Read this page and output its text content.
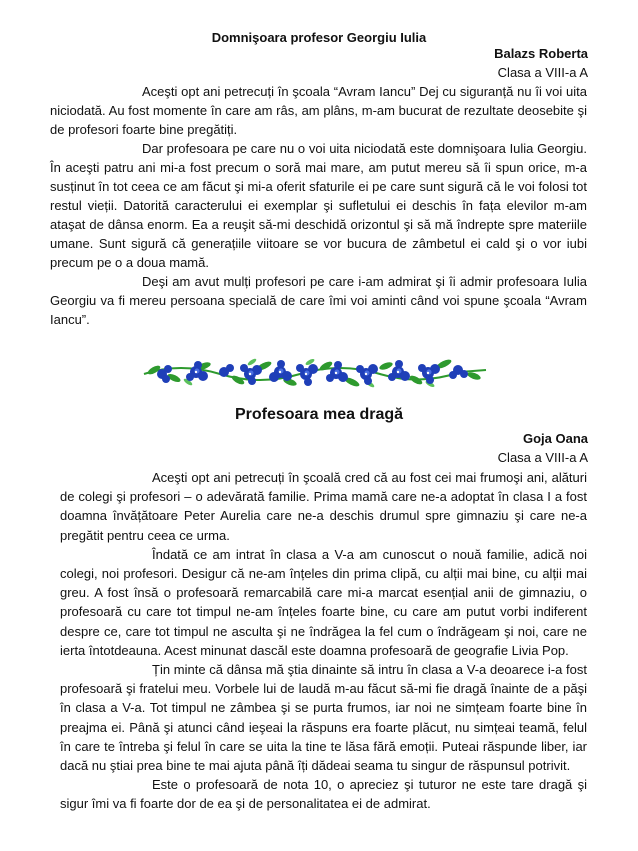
Domnişoara profesor Georgiu Iulia
Balazs Roberta
Clasa a VIII-a A

Aceşti opt ani petrecuți în şcoala “Avram Iancu” Dej cu siguranță nu îi voi uita niciodată. Au fost momente în care am râs, am plâns, m-am bucurat de rezultate deosebite şi de profesori foarte bine pregătiți.

Dar profesoara pe care nu o voi uita niciodată este domnişoara Iulia Georgiu. În aceşti patru ani mi-a fost precum o soră mai mare, am putut mereu să îi spun orice, m-a susținut în tot ceea ce am făcut şi mi-a oferit sfaturile ei pe care sunt sigură că le voi folosi tot restul vieții. Datorită caracterului ei exemplar şi sufletului ei deschis în fața elevilor m-am ataşat de dânsa enorm. Ea a reuşit să-mi deschidă orizontul şi să mă îndrepte spre materiile umane. Sunt sigură că generațiile viitoare se vor bucura de zâmbetul ei cald şi o vor iubi precum pe o a doua mamă.

Deşi am avut mulți profesori pe care i-am admirat şi îi admir profesoara Iulia Georgiu va fi mereu persoana specială de care îmi voi aminti când voi spune şcoala “Avram Iancu”.

Profesoara mea dragă
Goja Oana
Clasa a VIII-a A

Aceşti opt ani petrecuți în şcoală cred că au fost cei mai frumoşi ani, alături de colegi şi profesori – o adevărată familie. Prima mamă care ne-a adoptat în clasa I a fost doamna învățătoare Peter Aurelia care ne-a deschis drumul spre gimnaziu şi care ne-a pregătit pentru ceea ce urma.

Îndată ce am intrat în clasa a V-a am cunoscut o nouă familie, adică noi colegi, noi profesori. Desigur că ne-am înțeles din prima clipă, cu alții mai bine, cu alții mai greu. A fost însă o profesoară remarcabilă care mi-a marcat esențial anii de gimnaziu, o profesoară cu care tot timpul ne-am înțeles foarte bine, cu care am putut vorbi indiferent despre ce, care tot timpul ne asculta şi ne îndrăgea la fel cum o îndrăgeam şi noi, care ne ierta întotdeauna. Acest minunat dascăl este doamna profesoară de geografie Livia Pop.

Țin minte că dânsa mă ştia dinainte să intru în clasa a V-a deoarece i-a fost profesoară şi fratelui meu. Vorbele lui de laudă m-au făcut să-mi fie dragă înainte de a păşi în clasa a V-a. Tot timpul ne zâmbea şi se purta frumos, iar noi ne simțeam foarte bine în preajma ei. Până şi atunci când ieşeai la răspuns era foarte plăcut, nu simțeai teamă, felul în care te întreba şi felul în care se uita la tine te lăsa fără emoții. Puteai răspunde liber, iar dacă nu ştiai prea bine te mai ajuta până îți dădeai seama tu singur de răspunsul potrivit.

Este o profesoară de nota 10, o apreciez şi tuturor ne este tare dragă şi sigur îmi va fi foarte dor de ea şi de personalitatea ei de admirat.
